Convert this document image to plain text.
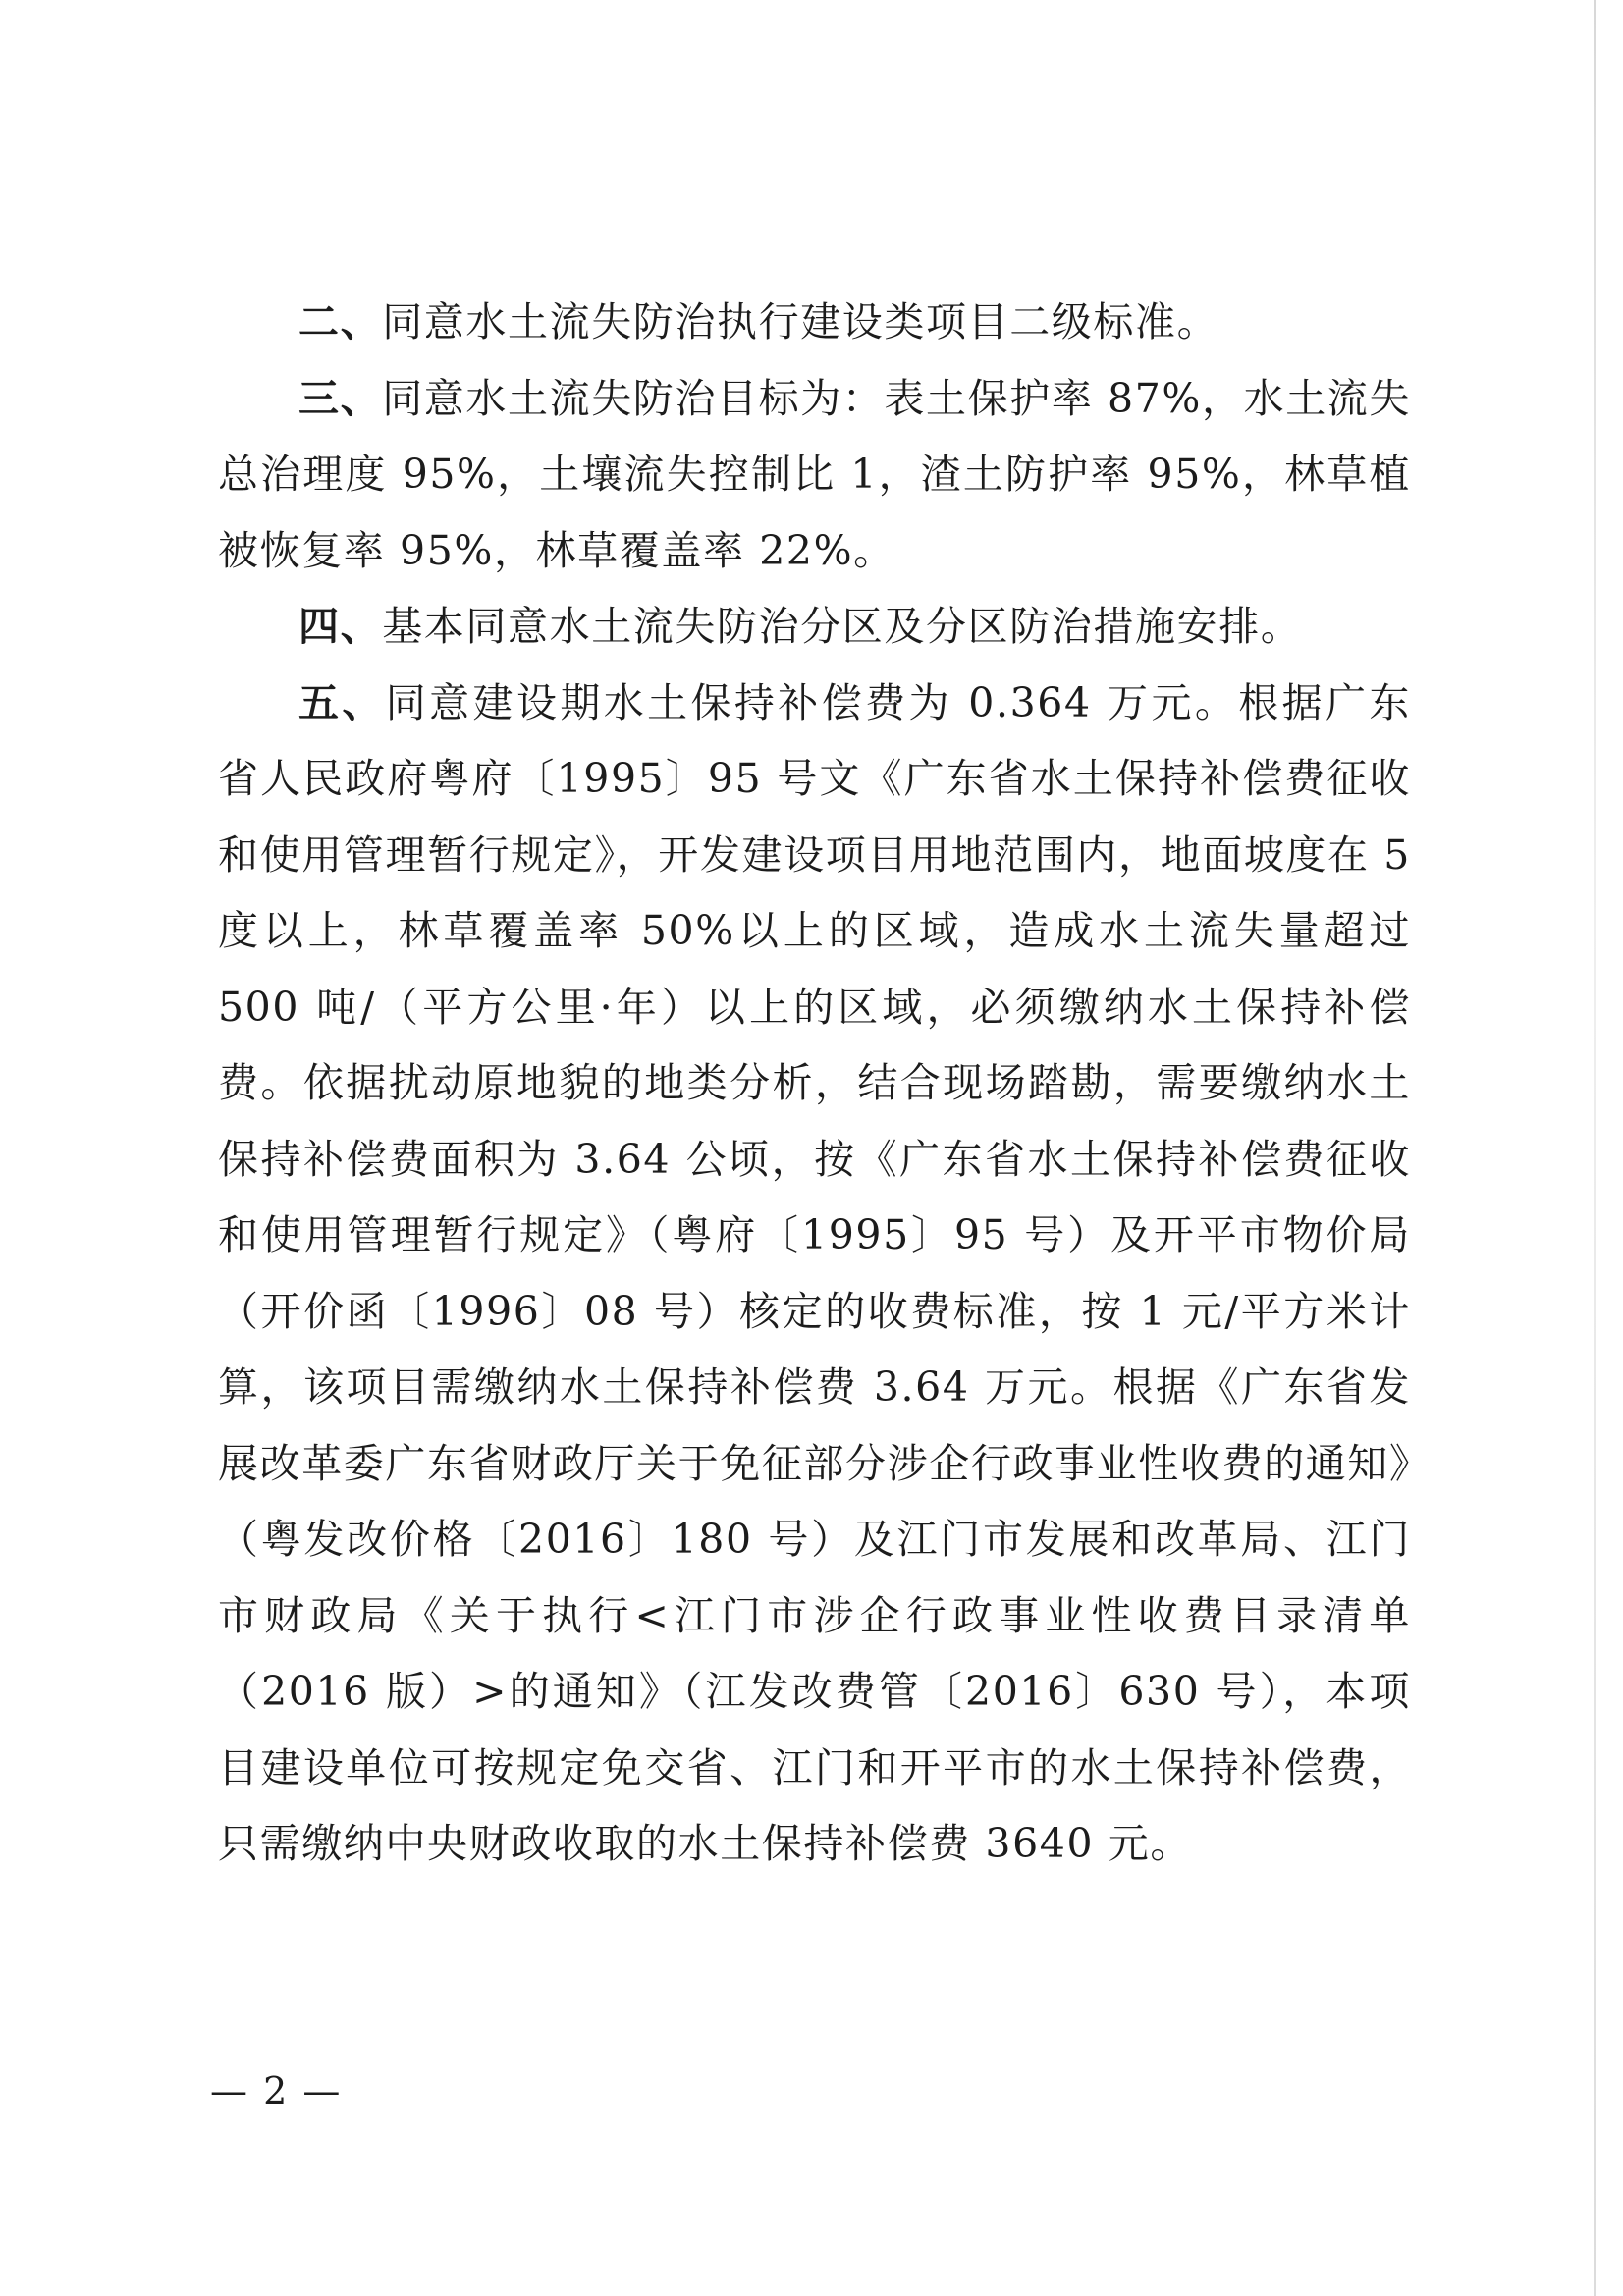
二、同意水土流失防治执行建设类项目二级标准。

三、同意水土流失防治目标为：表土保护率 87%，水土流失总治理度 95%，土壤流失控制比 1，渣土防护率 95%，林草植被恢复率 95%，林草覆盖率 22%。

四、基本同意水土流失防治分区及分区防治措施安排。

五、同意建设期水土保持补偿费为 0.364 万元。根据广东省人民政府粤府〔1995〕95 号文《广东省水土保持补偿费征收和使用管理暂行规定》，开发建设项目用地范围内，地面坡度在 5 度以上，林草覆盖率 50%以上的区域，造成水土流失量超过 500 吨/（平方公里·年）以上的区域，必须缴纳水土保持补偿费。依据扰动原地貌的地类分析，结合现场踏勘，需要缴纳水土保持补偿费面积为 3.64 公顷，按《广东省水土保持补偿费征收和使用管理暂行规定》（粤府〔1995〕95 号）及开平市物价局（开价函〔1996〕08 号）核定的收费标准，按 1 元/平方米计算，该项目需缴纳水土保持补偿费 3.64 万元。根据《广东省发展改革委广东省财政厅关于免征部分涉企行政事业性收费的通知》（粤发改价格〔2016〕180 号）及江门市发展和改革局、江门市财政局《关于执行<江门市涉企行政事业性收费目录清单（2016 版）>的通知》（江发改费管〔2016〕630 号），本项目建设单位可按规定免交省、江门和开平市的水土保持补偿费，只需缴纳中央财政收取的水土保持补偿费 3640 元。

— 2 —
